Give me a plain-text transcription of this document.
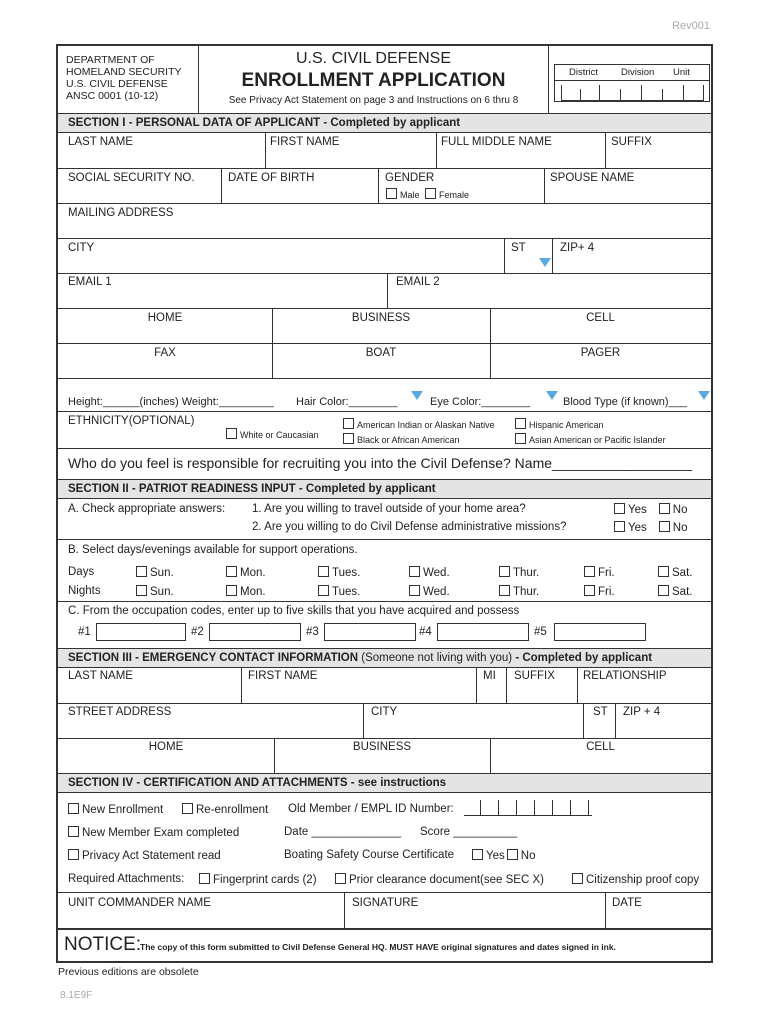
Rev001
DEPARTMENT OF
HOMELAND SECURITY
U.S. CIVIL DEFENSE
ANSC 0001 (10-12)
U.S. CIVIL DEFENSE
ENROLLMENT APPLICATION
See Privacy Act Statement on page 3 and Instructions on 6 thru 8
District Division Unit
SECTION I - PERSONAL DATA OF APPLICANT - Completed by applicant
LAST NAME	FIRST NAME	FULL MIDDLE NAME	SUFFIX
SOCIAL SECURITY NO.	DATE OF BIRTH	GENDER
Male Female
SPOUSE NAME
MAILING ADDRESS
CITY	ST	ZIP+ 4
EMAIL 1	EMAIL 2
HOME	BUSINESS	CELL
FAX	BOAT	PAGER
Height:______(inches) Weight:_________ Hair Color:________	Eye Color:________	Blood Type (if known)___
ETHNICITY(OPTIONAL)
White or Caucasian
American Indian or Alaskan Native
Black or African American
Hispanic American
Asian American or Pacific Islander
Who do you feel is responsible for recruiting you into the Civil Defense? Name__________________
SECTION II - PATRIOT READINESS INPUT - Completed by applicant
A. Check appropriate answers: 1. Are you willing to travel outside of your home area?
2. Are you willing to do Civil Defense administrative missions?
Yes No
Yes No
B. Select days/evenings available for support operations.
Days
Nights
Sun.	Mon.	Tues.	Wed.	Thur.	Fri.	Sat.
Sun.	Mon.	Tues.	Wed.	Thur.	Fri.	Sat.
C. From the occupation codes, enter up to five skills that you have acquired and possess
#1	#2	#3	#4	#5
SECTION III - EMERGENCY CONTACT INFORMATION (Someone not living with you) - Completed by applicant
LAST NAME	FIRST NAME	MI SUFFIX RELATIONSHIP
STREET ADDRESS	CITY	ST ZIP + 4
HOME	BUSINESS	CELL
SECTION IV - CERTIFICATION AND ATTACHMENTS - see instructions
New Enrollment	Re-enrollment Old Member / EMPL ID Number:
New Member Exam completed	Date ______________ Score __________
Privacy Act Statement read	Boating Safety Course Certificate	Yes No
Required Attachments:	Fingerprint cards (2)	Prior clearance document(see SEC X)	Citizenship proof copy
UNIT COMMANDER NAME	SIGNATURE	DATE
NOTICE:
The copy of this form submitted to Civil Defense General HQ. MUST HAVE original signatures and dates signed in ink.
Previous editions are obsolete
8.1E9F
